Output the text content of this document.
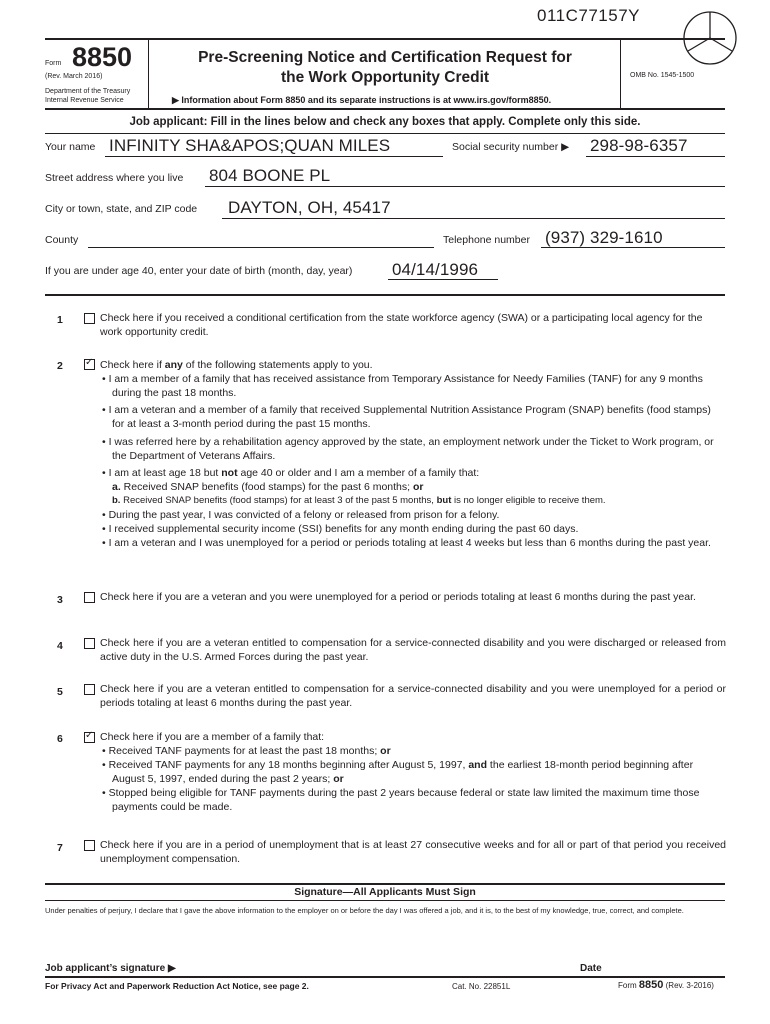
011C77157Y
Form 8850
(Rev. March 2016)
Department of the Treasury
Internal Revenue Service
Pre-Screening Notice and Certification Request for
the Work Opportunity Credit
▶ Information about Form 8850 and its separate instructions is at www.irs.gov/form8850.
OMB No. 1545-1500
Job applicant: Fill in the lines below and check any boxes that apply. Complete only this side.
Your name INFINITY SHA&APOS;QUAN MILES	Social security number ▶ 298-98-6357
Street address where you live 804 BOONE PL
City or town, state, and ZIP code DAYTON, OH, 45417
County	Telephone number (937) 329-1610
If you are under age 40, enter your date of birth (month, day, year) 04/14/1996
1	Check here if you received a conditional certification from the state workforce agency (SWA) or a participating local agency for the work opportunity credit.
2 ✓	Check here if any of the following statements apply to you.
• I am a member of a family that has received assistance from Temporary Assistance for Needy Families (TANF) for any 9 months during the past 18 months.
• I am a veteran and a member of a family that received Supplemental Nutrition Assistance Program (SNAP) benefits (food stamps) for at least a 3-month period during the past 15 months.
• I was referred here by a rehabilitation agency approved by the state, an employment network under the Ticket to Work program, or the Department of Veterans Affairs.
• I am at least age 18 but not age 40 or older and I am a member of a family that:
a. Received SNAP benefits (food stamps) for the past 6 months; or
b. Received SNAP benefits (food stamps) for at least 3 of the past 5 months, but is no longer eligible to receive them.
• During the past year, I was convicted of a felony or released from prison for a felony.
• I received supplemental security income (SSI) benefits for any month ending during the past 60 days.
• I am a veteran and I was unemployed for a period or periods totaling at least 4 weeks but less than 6 months during the past year.
3	Check here if you are a veteran and you were unemployed for a period or periods totaling at least 6 months during the past year.
4	Check here if you are a veteran entitled to compensation for a service-connected disability and you were discharged or released from active duty in the U.S. Armed Forces during the past year.
5	Check here if you are a veteran entitled to compensation for a service-connected disability and you were unemployed for a period or periods totaling at least 6 months during the past year.
6 ✓	Check here if you are a member of a family that:
• Received TANF payments for at least the past 18 months; or
• Received TANF payments for any 18 months beginning after August 5, 1997, and the earliest 18-month period beginning after August 5, 1997, ended during the past 2 years; or
• Stopped being eligible for TANF payments during the past 2 years because federal or state law limited the maximum time those payments could be made.
7	Check here if you are in a period of unemployment that is at least 27 consecutive weeks and for all or part of that period you received unemployment compensation.
Signature—All Applicants Must Sign
Under penalties of perjury, I declare that I gave the above information to the employer on or before the day I was offered a job, and it is, to the best of my knowledge, true, correct, and complete.
Job applicant’s signature ▶	Date
For Privacy Act and Paperwork Reduction Act Notice, see page 2.	Cat. No. 22851L	Form 8850 (Rev. 3-2016)
